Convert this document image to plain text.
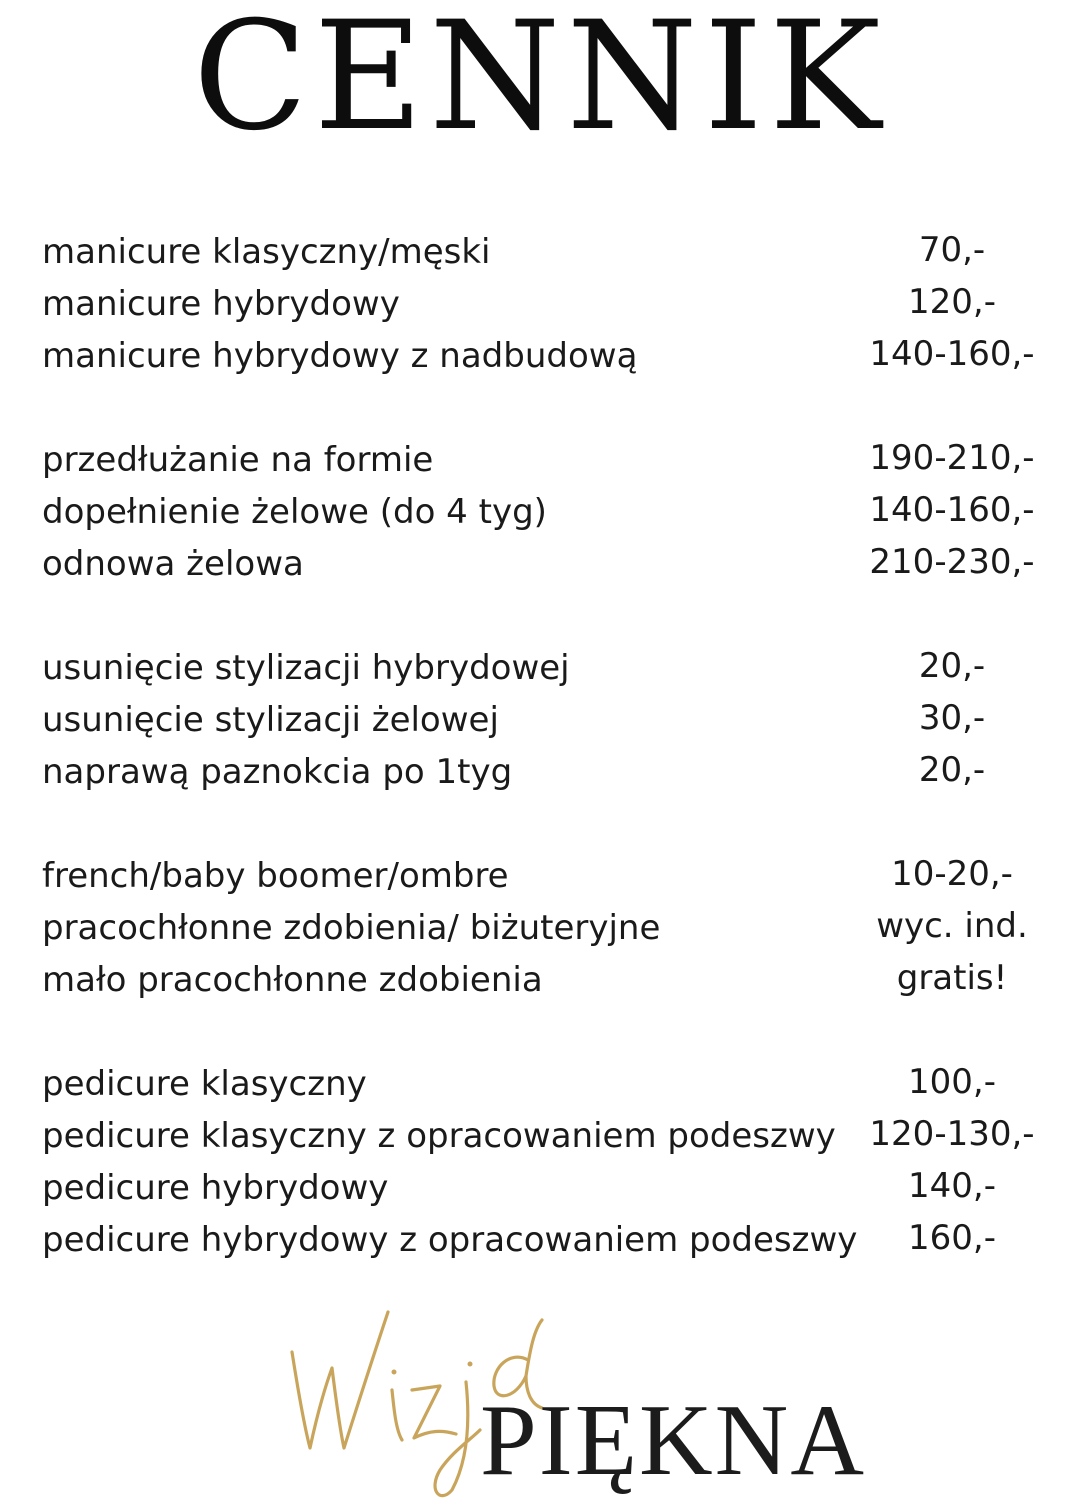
CENNIK
manicure klasyczny/męski	70,-
manicure hybrydowy	120,-
manicure hybrydowy z nadbudową	140-160,-
przedłużanie na formie	190-210,-
dopełnienie żelowe (do 4 tyg)	140-160,-
odnowa żelowa	210-230,-
usunięcie stylizacji hybrydowej	20,-
usunięcie stylizacji żelowej	30,-
naprawą paznokcia po 1tyg	20,-
french/baby boomer/ombre	10-20,-
pracochłonne zdobienia/ biżuteryjne	wyc. ind.
mało pracochłonne zdobienia	gratis!
pedicure klasyczny	100,-
pedicure klasyczny z opracowaniem podeszwy 120-130,-
pedicure hybrydowy	140,-
pedicure hybrydowy z opracowaniem podeszwy	160,-
PIĘKNA
